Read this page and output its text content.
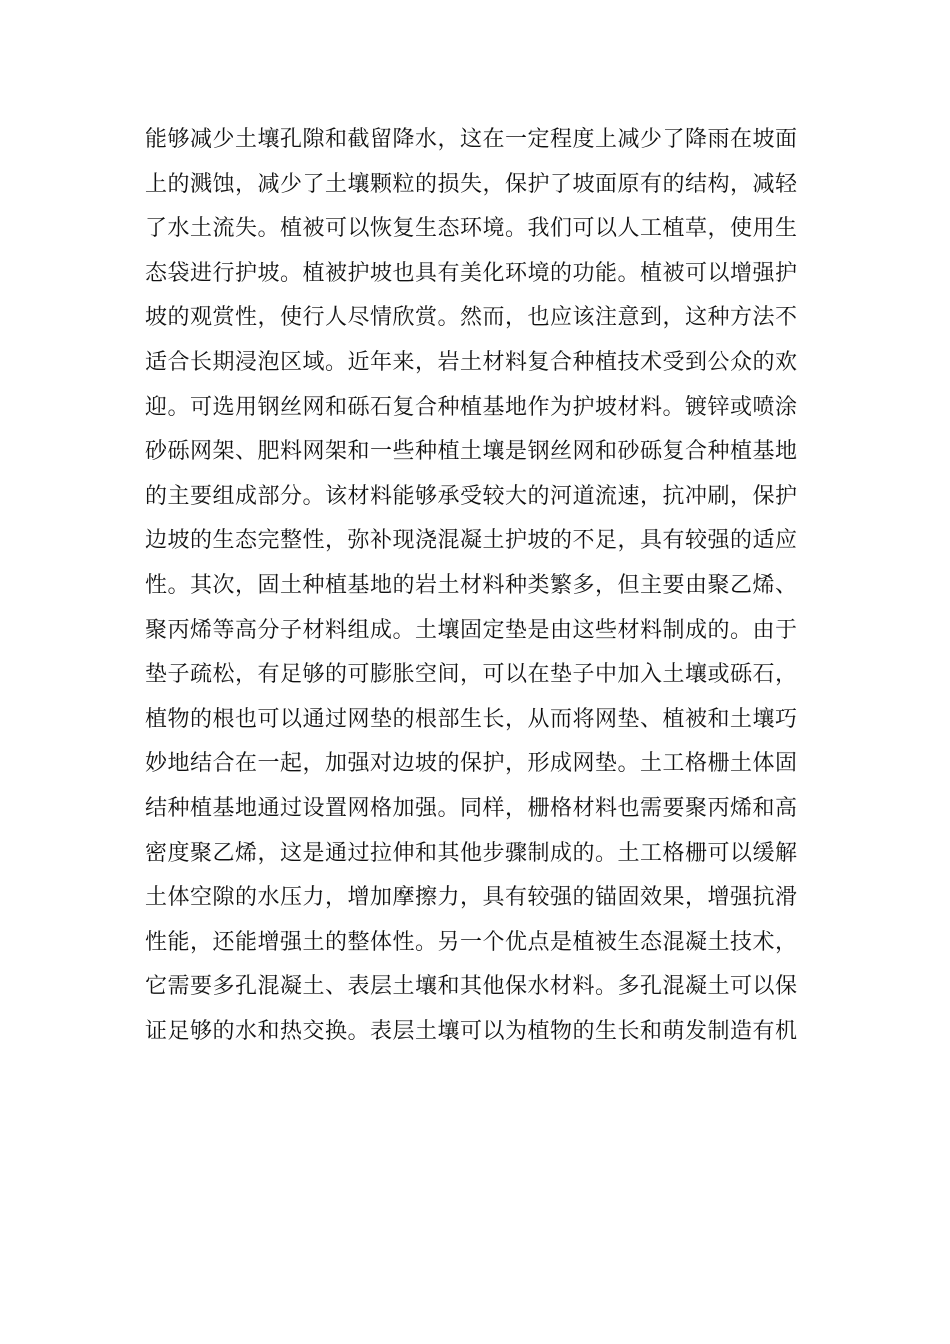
能够减少土壤孔隙和截留降水，这在一定程度上减少了降雨在坡面
上的溅蚀，减少了土壤颗粒的损失，保护了坡面原有的结构，减轻
了水土流失。植被可以恢复生态环境。我们可以人工植草，使用生
态袋进行护坡。植被护坡也具有美化环境的功能。植被可以增强护
坡的观赏性，使行人尽情欣赏。然而，也应该注意到，这种方法不
适合长期浸泡区域。近年来，岩土材料复合种植技术受到公众的欢
迎。可选用钢丝网和砾石复合种植基地作为护坡材料。镀锌或喷涂
砂砾网架、肥料网架和一些种植土壤是钢丝网和砂砾复合种植基地
的主要组成部分。该材料能够承受较大的河道流速，抗冲刷，保护
边坡的生态完整性，弥补现浇混凝土护坡的不足，具有较强的适应
性。其次，固土种植基地的岩土材料种类繁多，但主要由聚乙烯、
聚丙烯等高分子材料组成。土壤固定垫是由这些材料制成的。由于
垫子疏松，有足够的可膨胀空间，可以在垫子中加入土壤或砾石，
植物的根也可以通过网垫的根部生长，从而将网垫、植被和土壤巧
妙地结合在一起，加强对边坡的保护，形成网垫。土工格栅土体固
结种植基地通过设置网格加强。同样，栅格材料也需要聚丙烯和高
密度聚乙烯，这是通过拉伸和其他步骤制成的。土工格栅可以缓解
土体空隙的水压力，增加摩擦力，具有较强的锚固效果，增强抗滑
性能，还能增强土的整体性。另一个优点是植被生态混凝土技术，
它需要多孔混凝土、表层土壤和其他保水材料。多孔混凝土可以保
证足够的水和热交换。表层土壤可以为植物的生长和萌发制造有机
